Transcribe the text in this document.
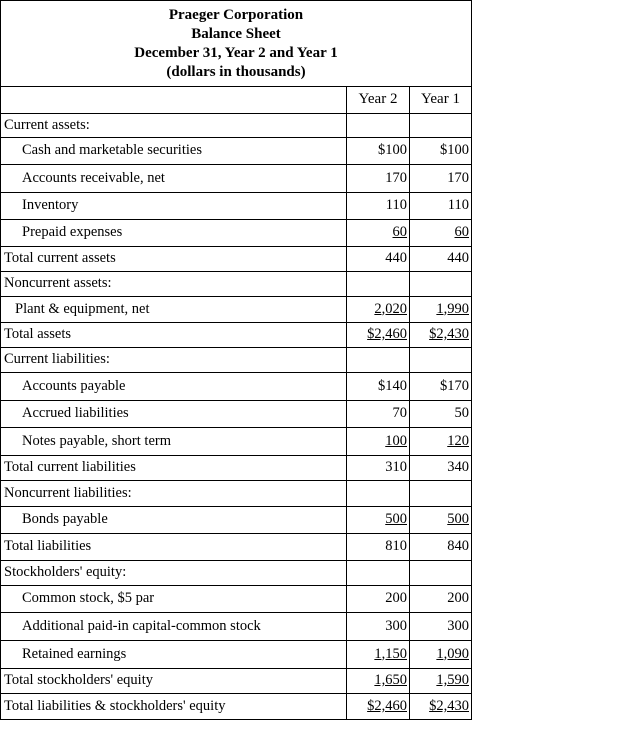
Praeger Corporation
Balance Sheet
December 31, Year 2 and Year 1
(dollars in thousands)
	Year 2	Year 1
Current assets:		
Cash and marketable securities	$100	$100
Accounts receivable, net	170	170
Inventory	110	110
Prepaid expenses	60	60
Total current assets	440	440
Noncurrent assets:		
Plant & equipment, net	2,020	1,990
Total assets	$2,460	$2,430
Current liabilities:		
Accounts payable	$140	$170
Accrued liabilities	70	50
Notes payable, short term	100	120
Total current liabilities	310	340
Noncurrent liabilities:		
Bonds payable	500	500
Total liabilities	810	840
Stockholders' equity:		
Common stock, $5 par	200	200
Additional paid-in capital-common stock	300	300
Retained earnings	1,150	1,090
Total stockholders' equity	1,650	1,590
Total liabilities & stockholders' equity	$2,460	$2,430
